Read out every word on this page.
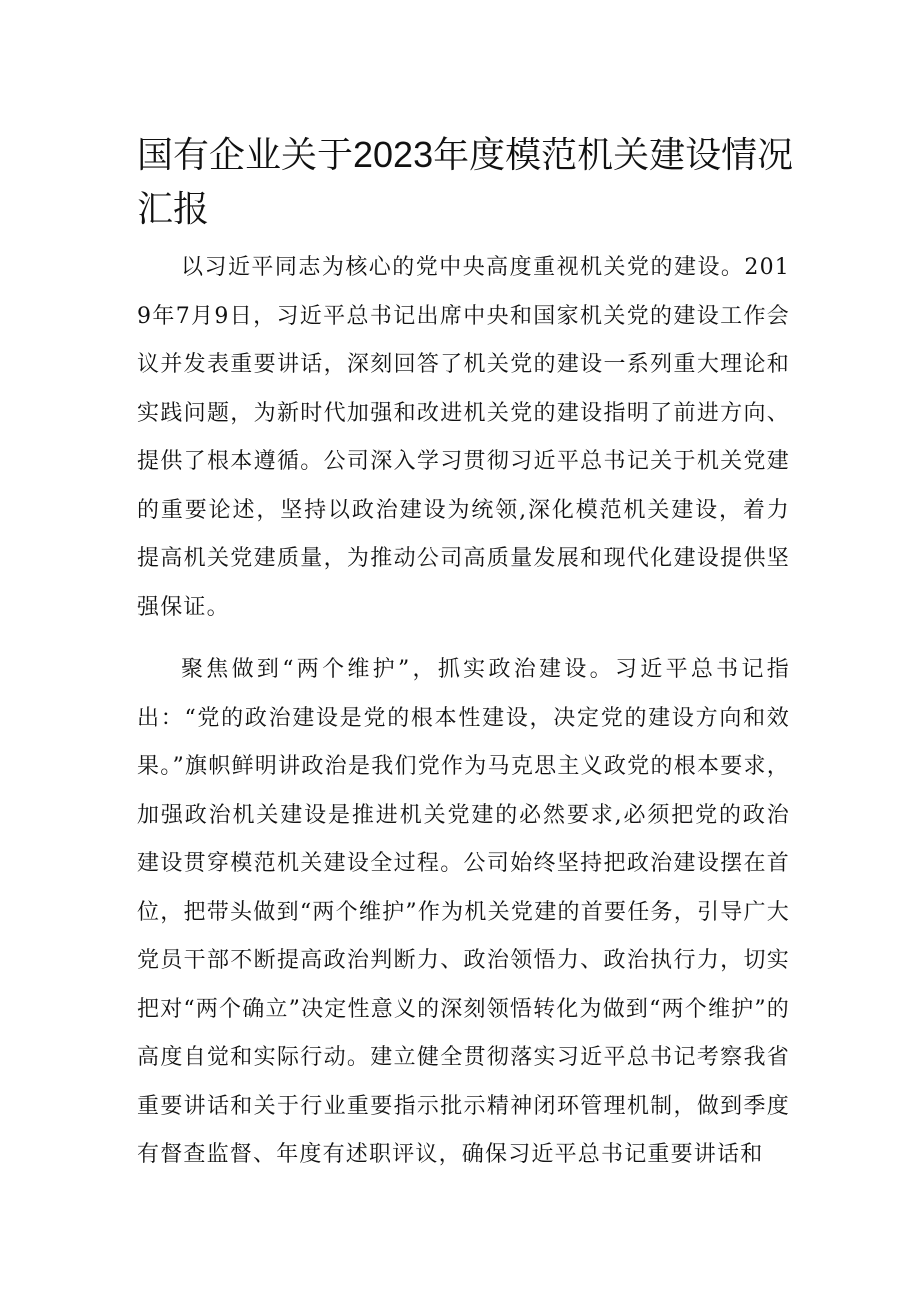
国有企业关于2023年度模范机关建设情况汇报

以习近平同志为核心的党中央高度重视机关党的建设。2019年7月9日，习近平总书记出席中央和国家机关党的建设工作会议并发表重要讲话，深刻回答了机关党的建设一系列重大理论和实践问题，为新时代加强和改进机关党的建设指明了前进方向、提供了根本遵循。公司深入学习贯彻习近平总书记关于机关党建的重要论述，坚持以政治建设为统领,深化模范机关建设，着力提高机关党建质量，为推动公司高质量发展和现代化建设提供坚强保证。

聚焦做到“两个维护”，抓实政治建设。习近平总书记指出：“党的政治建设是党的根本性建设，决定党的建设方向和效果。”旗帜鲜明讲政治是我们党作为马克思主义政党的根本要求，加强政治机关建设是推进机关党建的必然要求,必须把党的政治建设贯穿模范机关建设全过程。公司始终坚持把政治建设摆在首位，把带头做到“两个维护”作为机关党建的首要任务，引导广大党员干部不断提高政治判断力、政治领悟力、政治执行力，切实把对“两个确立”决定性意义的深刻领悟转化为做到“两个维护”的高度自觉和实际行动。建立健全贯彻落实习近平总书记考察我省重要讲话和关于行业重要指示批示精神闭环管理机制，做到季度有督查监督、年度有述职评议，确保习近平总书记重要讲话和
